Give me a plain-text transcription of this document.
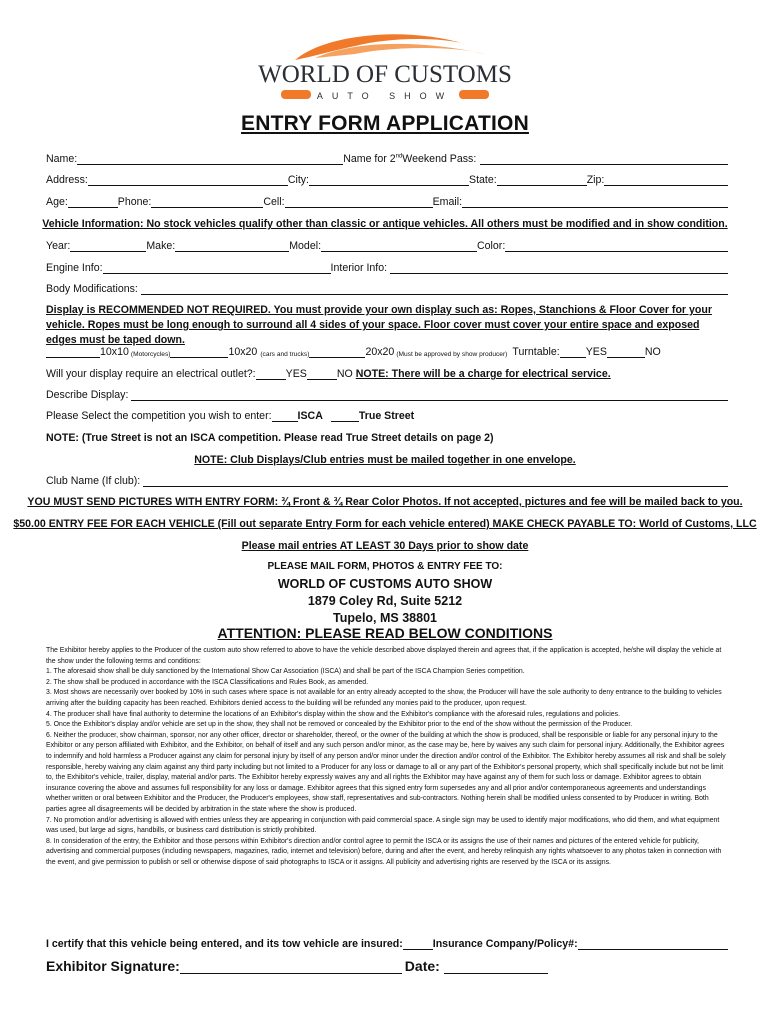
WORLD OF CUSTOMS
AUTO SHOW
ENTRY FORM APPLICATION
Name:	Name for 2ndWeekend Pass:
Address:	City:	State:	Zip:
Age:	Phone:	Cell:	Email:
Vehicle Information: No stock vehicles qualify other than classic or antique vehicles. All others must be modified and in show condition.
Year:	Make:	Model:	Color:
Engine Info:	Interior Info:
Body Modifications:
Display is RECOMMENDED NOT REQUIRED. You must provide your own display such as: Ropes, Stanchions & Floor Cover for your vehicle. Ropes must be long enough to surround all 4 sides of your space. Floor cover must cover your entire space and exposed edges must be taped down.
10x10 (Motorcycles)	10x20 (cars and trucks)	20x20 (Must be approved by show producer) Turntable: YES	NO
Will your display require an electrical outlet?:	YES	NO NOTE: There will be a charge for electrical service.
Describe Display:
Please Select the competition you wish to enter: ISCA	True Street
NOTE: (True Street is not an ISCA competition. Please read True Street details on page 2)
NOTE: Club Displays/Club entries must be mailed together in one envelope.
Club Name (If club):
YOU MUST SEND PICTURES WITH ENTRY FORM: ¾ Front & ¾ Rear Color Photos. If not accepted, pictures and fee will be mailed back to you.
$50.00 ENTRY FEE FOR EACH VEHICLE (Fill out separate Entry Form for each vehicle entered) MAKE CHECK PAYABLE TO: World of Customs, LLC
Please mail entries AT LEAST 30 Days prior to show date
PLEASE MAIL FORM, PHOTOS & ENTRY FEE TO:
WORLD OF CUSTOMS AUTO SHOW
1879 Coley Rd, Suite 5212
Tupelo, MS 38801
ATTENTION: PLEASE READ BELOW CONDITIONS

The Exhibitor hereby applies to the Producer of the custom auto show referred to above to have the vehicle described above displayed therein and agrees that, if the application is accepted, he/she will display the vehicle at the show under the following terms and conditions:

1. The aforesaid show shall be duly sanctioned by the International Show Car Association (ISCA) and shall be part of the ISCA Champion Series competition.

2. The show shall be produced in accordance with the ISCA Classifications and Rules Book, as amended.

3. Most shows are necessarily over booked by 10% in such cases where space is not available for an entry already accepted to the show, the Producer will have the sole authority to deny entrance to the building to vehicles arriving after the building capacity has been reached. Exhibitors denied access to the building will be refunded any monies paid to the producer, upon request.

4. The producer shall have final authority to determine the locations of an Exhibitor's display within the show and the Exhibitor's compliance with the aforesaid rules, regulations and policies.

5. Once the Exhibitor's display and/or vehicle are set up in the show, they shall not be removed or concealed by the Exhibitor prior to the end of the show without the permission of the Producer.

6. Neither the producer, show chairman, sponsor, nor any other officer, director or shareholder, thereof, or the owner of the building at which the show is produced, shall be responsible or liable for any personal injury to the Exhibitor or any person affiliated with Exhibitor, and the Exhibitor, on behalf of itself and any such person and/or minor, as the case may be, here by waives any such claim for personal injury. Additionally, the Exhibitor agrees to indemnify and hold harmless a Producer against any claim for personal injury by itself of any person and/or minor under the direction and/or control of the Exhibitor. The Exhibitor hereby assumes all risk and shall be solely responsible, hereby waiving any claim against any third party including but not limited to a Producer for any loss or damage to all or any part of the Exhibitor's personal property, which shall specifically include but not be limit to, the Exhibitor's vehicle, trailer, display, material and/or parts. The Exhibitor hereby expressly waives any and all rights the Exhibitor may have against any of them for such loss or damage. Exhibitor agrees to obtain insurance covering the above and assumes full responsibility for any loss or damage. Exhibitor agrees that this signed entry form supersedes any and all prior and/or contemporaneous agreements and understandings whether written or oral between Exhibitor and the Producer, the Producer's employees, show staff, representatives and sub-contractors. Nothing herein shall be modified unless consented to by Producer in writing. Both parties agree all disagreements will be decided by arbitration in the state where the show is produced.

7. No promotion and/or advertising is allowed with entries unless they are appearing in conjunction with paid commercial space. A single sign may be used to identify major modifications, who did them, and what equipment was used, but large ad signs, handbills, or business card distribution is strictly prohibited.

8. In consideration of the entry, the Exhibitor and those persons within Exhibitor's direction and/or control agree to permit the ISCA or its assigns the use of their names and pictures of the entered vehicle for publicity, advertising and commercial purposes (including newspapers, magazines, radio, internet and television) before, during and after the event, and hereby relinquish any rights whatsoever to any photos taken in connection with the event, and give permission to publish or sell or otherwise dispose of said photographs to ISCA or it assigns. All publicity and advertising rights are reserved by the ISCA or its assigns.

I certify that this vehicle being entered, and its tow vehicle are insured:	Insurance Company/Policy#:
Exhibitor Signature:	Date:
